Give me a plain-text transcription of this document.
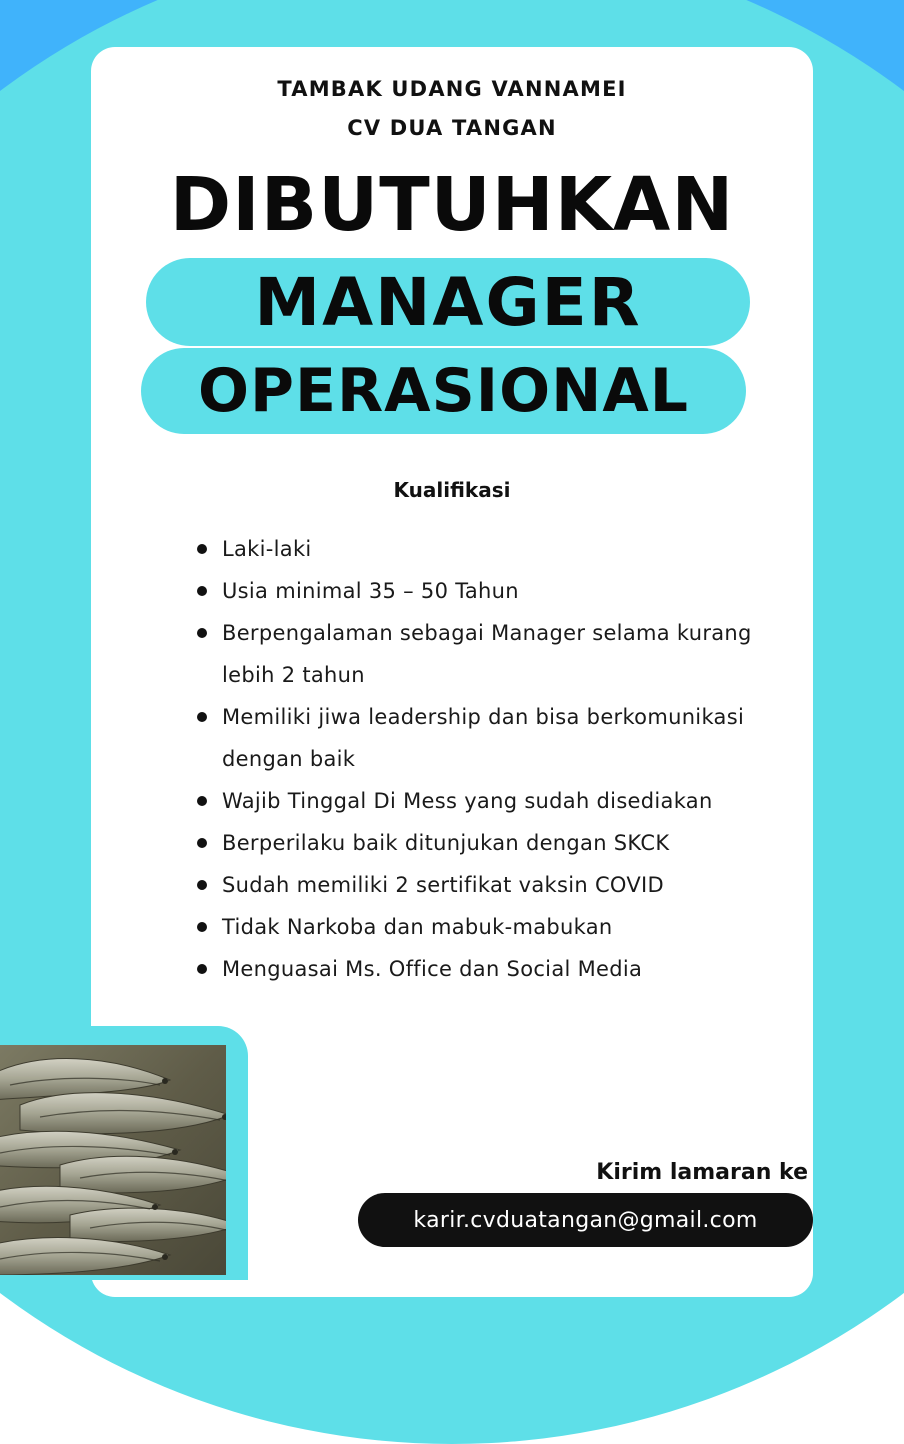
TAMBAK UDANG VANNAMEI
CV DUA TANGAN
DIBUTUHKAN
MANAGER
OPERASIONAL
Kualifikasi
Laki-laki
Usia minimal 35 – 50 Tahun
Berpengalaman sebagai Manager selama kurang lebih 2 tahun
Memiliki jiwa leadership dan bisa berkomunikasi dengan baik
Wajib Tinggal Di Mess yang sudah disediakan
Berperilaku baik ditunjukan dengan SKCK
Sudah memiliki 2 sertifikat vaksin COVID
Tidak Narkoba dan mabuk-mabukan
Menguasai Ms. Office dan Social Media
Kirim lamaran ke
karir.cvduatangan@gmail.com
